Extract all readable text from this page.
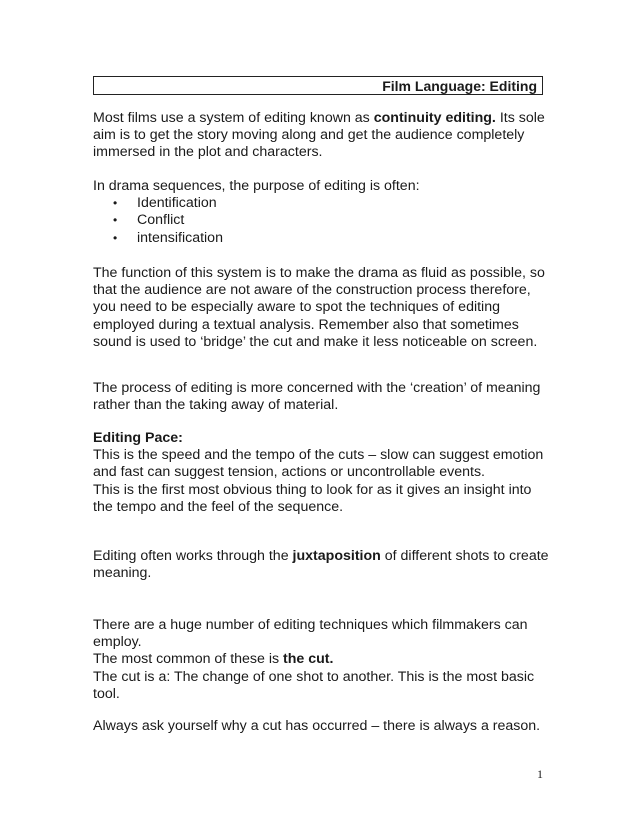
Film Language: Editing

Most films use a system of editing known as continuity editing. Its sole aim is to get the story moving along and get the audience completely immersed in the plot and characters.

In drama sequences, the purpose of editing is often:

• Identification
• Conflict
• intensification

The function of this system is to make the drama as fluid as possible, so that the audience are not aware of the construction process therefore, you need to be especially aware to spot the techniques of editing employed during a textual analysis. Remember also that sometimes sound is used to ‘bridge’ the cut and make it less noticeable on screen.

The process of editing is more concerned with the ‘creation’ of meaning rather than the taking away of material.

Editing Pace:

This is the speed and the tempo of the cuts – slow can suggest emotion and fast can suggest tension, actions or uncontrollable events.

This is the first most obvious thing to look for as it gives an insight into the tempo and the feel of the sequence.

Editing often works through the juxtaposition of different shots to create meaning.

There are a huge number of editing techniques which filmmakers can employ.

The most common of these is the cut.

The cut is a: The change of one shot to another. This is the most basic tool.

Always ask yourself why a cut has occurred – there is always a reason.

1
